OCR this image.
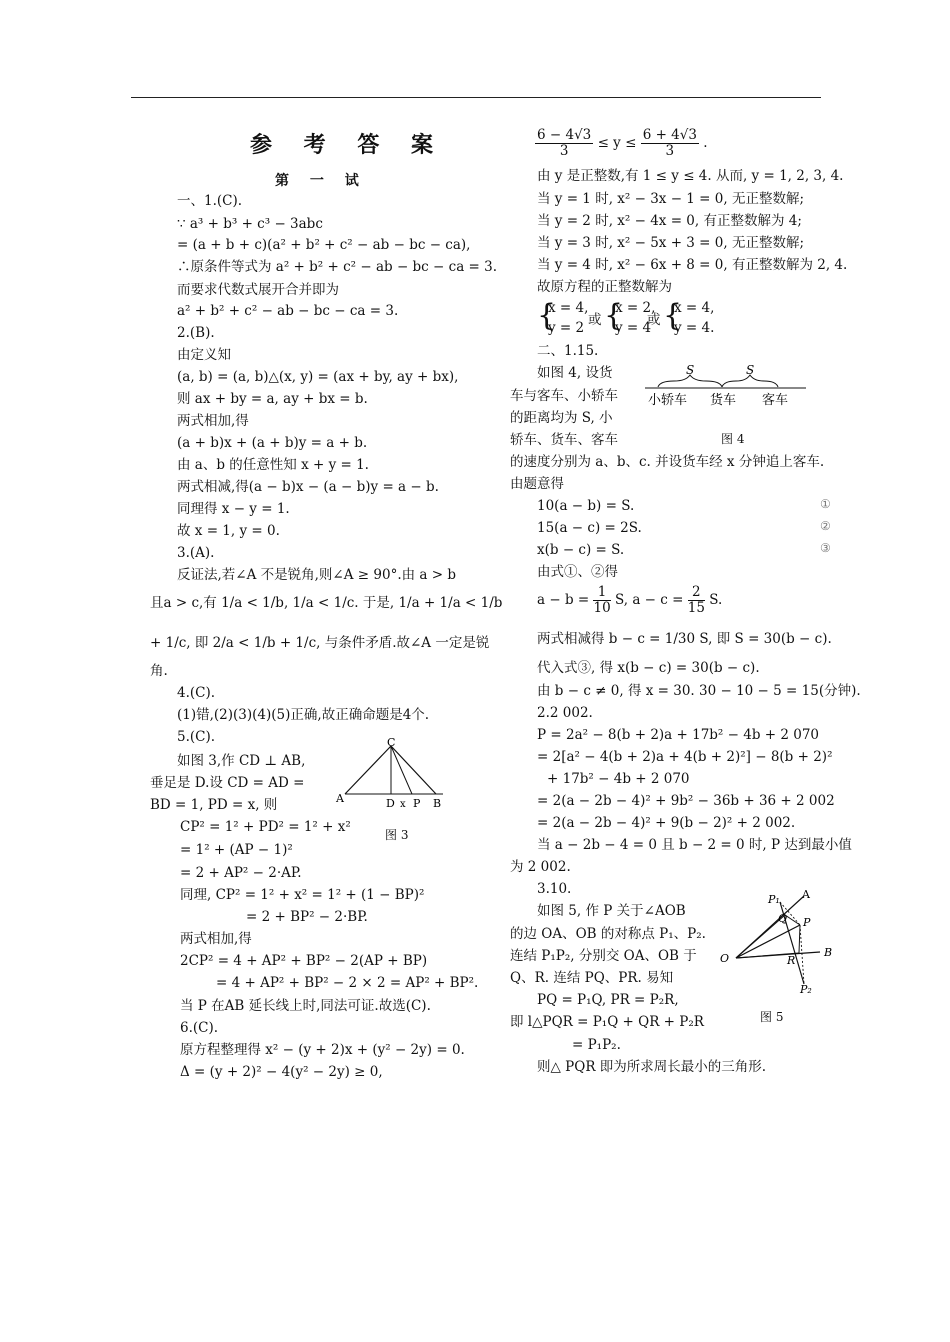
参 考 答 案
第 一 试
一、1.(C).
∵ a³ + b³ + c³ − 3abc
= (a + b + c)(a² + b² + c² − ab − bc − ca),
∴原条件等式为 a² + b² + c² − ab − bc − ca = 3.
而要求代数式展开合并即为
a² + b² + c² − ab − bc − ca = 3.
2.(B).
由定义知
(a, b) = (a, b)△(x, y) = (ax + by, ay + bx),
则 ax + by = a, ay + bx = b.
两式相加,得
(a + b)x + (a + b)y = a + b.
由 a、b 的任意性知 x + y = 1.
两式相减,得(a − b)x − (a − b)y = a − b.
同理得 x − y = 1.
故 x = 1, y = 0.
3.(A).
反证法,若∠A 不是锐角,则∠A ≥ 90°.由 a > b
且a > c,有 1/a < 1/b, 1/a < 1/c. 于是, 1/a + 1/a < 1/b
+ 1/c, 即 2/a < 1/b + 1/c, 与条件矛盾.故∠A 一定是锐
角.
4.(C).
(1)错,(2)(3)(4)(5)正确,故正确命题是4个.
5.(C).
如图 3,作 CD ⊥ AB,
垂足是 D.设 CD = AD =
BD = 1, PD = x, 则
CP² = 1² + PD² = 1² + x²
= 1² + (AP − 1)²
= 2 + AP² − 2·AP.
同理, CP² = 1² + x² = 1² + (1 − BP)²
= 2 + BP² − 2·BP.
两式相加,得
2CP² = 4 + AP² + BP² − 2(AP + BP)
= 4 + AP² + BP² − 2 × 2 = AP² + BP².
当 P 在AB 延长线上时,同法可证.故选(C).
6.(C).
原方程整理得 x² − (y + 2)x + (y² − 2y) = 0.
Δ = (y + 2)² − 4(y² − 2y) ≥ 0,
C
A	D x P B
图 3
$\frac{6 - 4√3}{3} \le y \le \frac{6 + 4√3}{3}$ .
由 y 是正整数,有 1 ≤ y ≤ 4. 从而, y = 1, 2, 3, 4.
当 y = 1 时, x² − 3x − 1 = 0, 无正整数解;
当 y = 2 时, x² − 4x = 0, 有正整数解为 4;
当 y = 3 时, x² − 5x + 3 = 0, 无正整数解;
当 y = 4 时, x² − 6x + 8 = 0, 有正整数解为 2, 4.
故原方程的正整数解为
{
x = 4,
y = 2 或 {
x = 2,
y = 4
或 {
x = 4,
y = 4.
二、1.15.
如图 4, 设货
车与客车、小轿车
的距离均为 S, 小
轿车、货车、客车
的速度分别为 a、b、c. 并设货车经 x 分钟追上客车.
由题意得
10(a − b) = S.
15(a − c) = 2S.
x(b − c) = S.
①
②
③
由式①、②得
$a - b = \frac{1}{10} S$, $a - c = \frac{2}{15} S$.
两式相减得 b − c = 1/30 S, 即 S = 30(b − c).
代入式③, 得 x(b − c) = 30(b − c).
由 b − c ≠ 0, 得 x = 30. 30 − 10 − 5 = 15(分钟).
2.2 002.
P = 2a² − 8(b + 2)a + 17b² − 4b + 2 070
= 2[a² − 4(b + 2)a + 4(b + 2)²] − 8(b + 2)²
+ 17b² − 4b + 2 070
= 2(a − 2b − 4)² + 9b² − 36b + 36 + 2 002
= 2(a − 2b − 4)² + 9(b − 2)² + 2 002.
当 a − 2b − 4 = 0 且 b − 2 = 0 时, P 达到最小值
为 2 002.
3.10.
如图 5, 作 P 关于∠AOB
的边 OA、OB 的对称点 P₁、P₂.
连结 P₁P₂, 分别交 OA、OB 于
Q、R. 连结 PQ、PR. 易知
PQ = P₁Q, PR = P₂R,
即 l△PQR = P₁Q + QR + P₂R
= P₁P₂.
则△ PQR 即为所求周长最小的三角形.
S	S
小轿车 货车 客车
图 4
P₁ A
Q P
O	R
B
P₂
图 5
